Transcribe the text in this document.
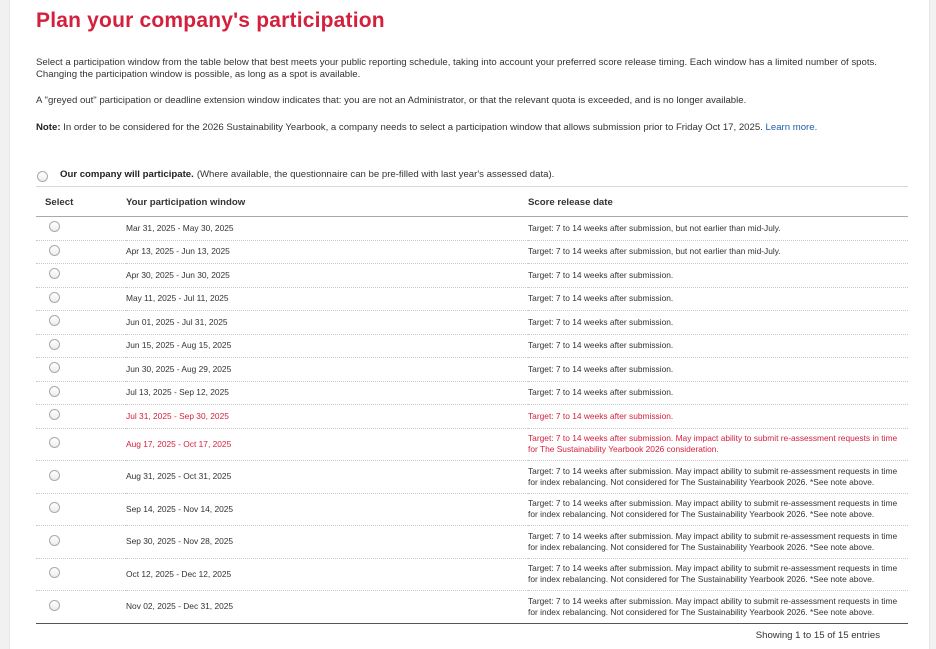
Plan your company's participation

Select a participation window from the table below that best meets your public reporting schedule, taking into account your preferred score release timing. Each window has a limited number of spots. Changing the participation window is possible, as long as a spot is available.

A "greyed out" participation or deadline extension window indicates that: you are not an Administrator, or that the relevant quota is exceeded, and is no longer available.

Note: In order to be considered for the 2026 Sustainability Yearbook, a company needs to select a participation window that allows submission prior to Friday Oct 17, 2025. Learn more.

Our company will participate. (Where available, the questionnaire can be pre-filled with last year's assessed data).
Select	Your participation window	Score release date
	Mar 31, 2025 - May 30, 2025	Target: 7 to 14 weeks after submission, but not earlier than mid-July.
	Apr 13, 2025 - Jun 13, 2025	Target: 7 to 14 weeks after submission, but not earlier than mid-July.
	Apr 30, 2025 - Jun 30, 2025	Target: 7 to 14 weeks after submission.
	May 11, 2025 - Jul 11, 2025	Target: 7 to 14 weeks after submission.
	Jun 01, 2025 - Jul 31, 2025	Target: 7 to 14 weeks after submission.
	Jun 15, 2025 - Aug 15, 2025	Target: 7 to 14 weeks after submission.
	Jun 30, 2025 - Aug 29, 2025	Target: 7 to 14 weeks after submission.
	Jul 13, 2025 - Sep 12, 2025	Target: 7 to 14 weeks after submission.
	Jul 31, 2025 - Sep 30, 2025	Target: 7 to 14 weeks after submission.
	Aug 17, 2025 - Oct 17, 2025	Target: 7 to 14 weeks after submission. May impact ability to submit re-assessment requests in time for The Sustainability Yearbook 2026 consideration.
	Aug 31, 2025 - Oct 31, 2025	Target: 7 to 14 weeks after submission. May impact ability to submit re-assessment requests in time for index rebalancing. Not considered for The Sustainability Yearbook 2026. *See note above.
	Sep 14, 2025 - Nov 14, 2025	Target: 7 to 14 weeks after submission. May impact ability to submit re-assessment requests in time for index rebalancing. Not considered for The Sustainability Yearbook 2026. *See note above.
	Sep 30, 2025 - Nov 28, 2025	Target: 7 to 14 weeks after submission. May impact ability to submit re-assessment requests in time for index rebalancing. Not considered for The Sustainability Yearbook 2026. *See note above.
	Oct 12, 2025 - Dec 12, 2025	Target: 7 to 14 weeks after submission. May impact ability to submit re-assessment requests in time for index rebalancing. Not considered for The Sustainability Yearbook 2026. *See note above.
	Nov 02, 2025 - Dec 31, 2025	Target: 7 to 14 weeks after submission. May impact ability to submit re-assessment requests in time for index rebalancing. Not considered for The Sustainability Yearbook 2026. *See note above.
Showing 1 to 15 of 15 entries
